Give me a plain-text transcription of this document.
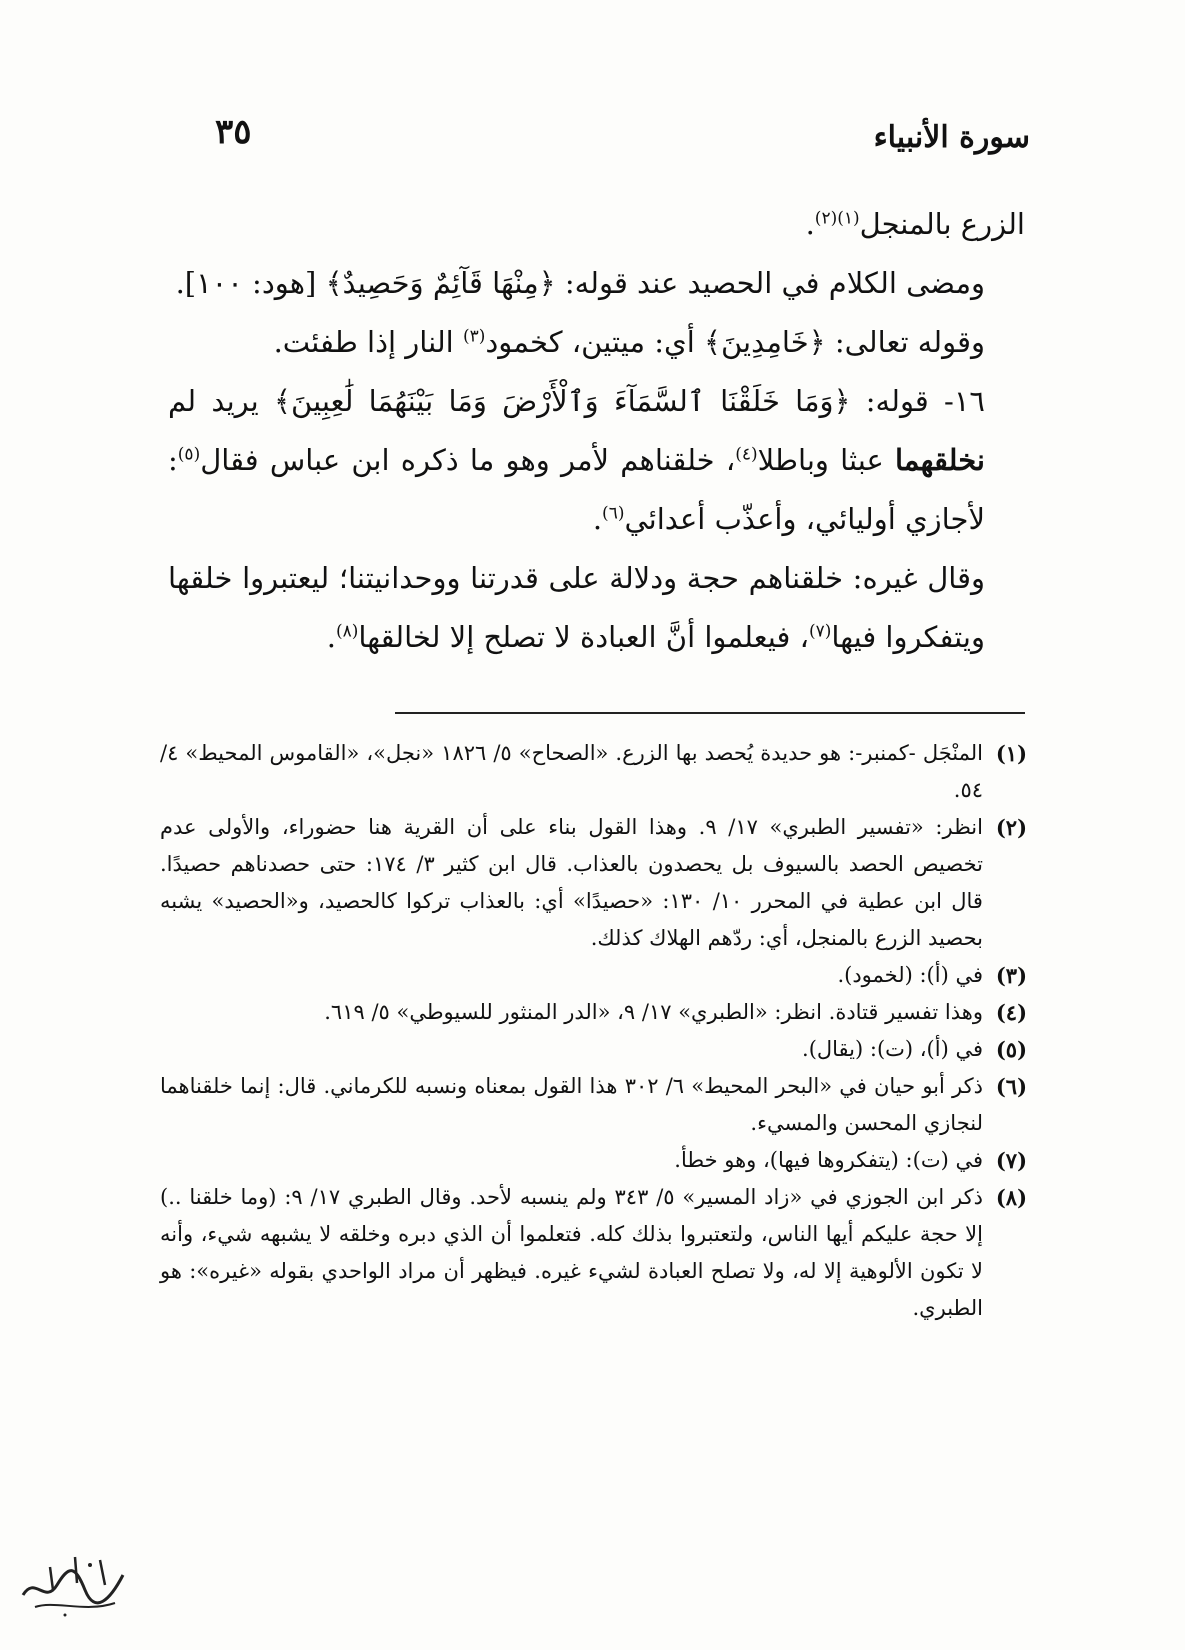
٣٥	سورة الأنبياء

الزرع بالمنجل$^{(١)(٢)}$.

ومضى الكلام في الحصيد عند قوله: ﴿مِنْهَا قَآئِمٌ وَحَصِيدٌ﴾ [هود: ١٠٠].

وقوله تعالى: ﴿خَامِدِينَ﴾ أي: ميتين، كخمود$^{(٣)}$ النار إذا طفئت.

١٦- قوله: ﴿وَمَا خَلَقْنَا ٱلسَّمَآءَ وَٱلْأَرْضَ وَمَا بَيْنَهُمَا لَٰعِبِينَ﴾ يريد لم نخلقهما عبثا وباطلا$^{(٤)}$، خلقناهم لأمر وهو ما ذكره ابن عباس فقال$^{(٥)}$: لأجازي أوليائي، وأعذّب أعدائي$^{(٦)}$.

وقال غيره: خلقناهم حجة ودلالة على قدرتنا ووحدانيتنا؛ ليعتبروا خلقها ويتفكروا فيها$^{(٧)}$، فيعلموا أنَّ العبادة لا تصلح إلا لخالقها$^{(٨)}$.

(١)
المنْجَل -كمنبر-: هو حديدة يُحصد بها الزرع. «الصحاح» ٥/ ١٨٢٦ «نجل»، «القاموس المحيط» ٤/ ٥٤.
(٢)
انظر: «تفسير الطبري» ١٧/ ٩. وهذا القول بناء على أن القرية هنا حضوراء، والأولى عدم تخصيص الحصد بالسيوف بل يحصدون بالعذاب. قال ابن كثير ٣/ ١٧٤: حتى حصدناهم حصيدًا. قال ابن عطية في المحرر ١٠/ ١٣٠: «حصيدًا» أي: بالعذاب تركوا كالحصيد، و«الحصيد» يشبه بحصيد الزرع بالمنجل، أي: ردّهم الهلاك كذلك.
(٣)
في (أ): (لخمود).
(٤)
وهذا تفسير قتادة. انظر: «الطبري» ١٧/ ٩، «الدر المنثور للسيوطي» ٥/ ٦١٩.
(٥)
في (أ)، (ت): (يقال).
(٦)
ذكر أبو حيان في «البحر المحيط» ٦/ ٣٠٢ هذا القول بمعناه ونسبه للكرماني. قال: إنما خلقناهما لنجازي المحسن والمسيء.
(٧)
في (ت): (يتفكروها فيها)، وهو خطأ.
(٨)
ذكر ابن الجوزي في «زاد المسير» ٥/ ٣٤٣ ولم ينسبه لأحد. وقال الطبري ١٧/ ٩: (وما خلقنا ..) إلا حجة عليكم أيها الناس، ولتعتبروا بذلك كله. فتعلموا أن الذي دبره وخلقه لا يشبهه شيء، وأنه لا تكون الألوهية إلا له، ولا تصلح العبادة لشيء غيره. فيظهر أن مراد الواحدي بقوله «غيره»: هو الطبري.
